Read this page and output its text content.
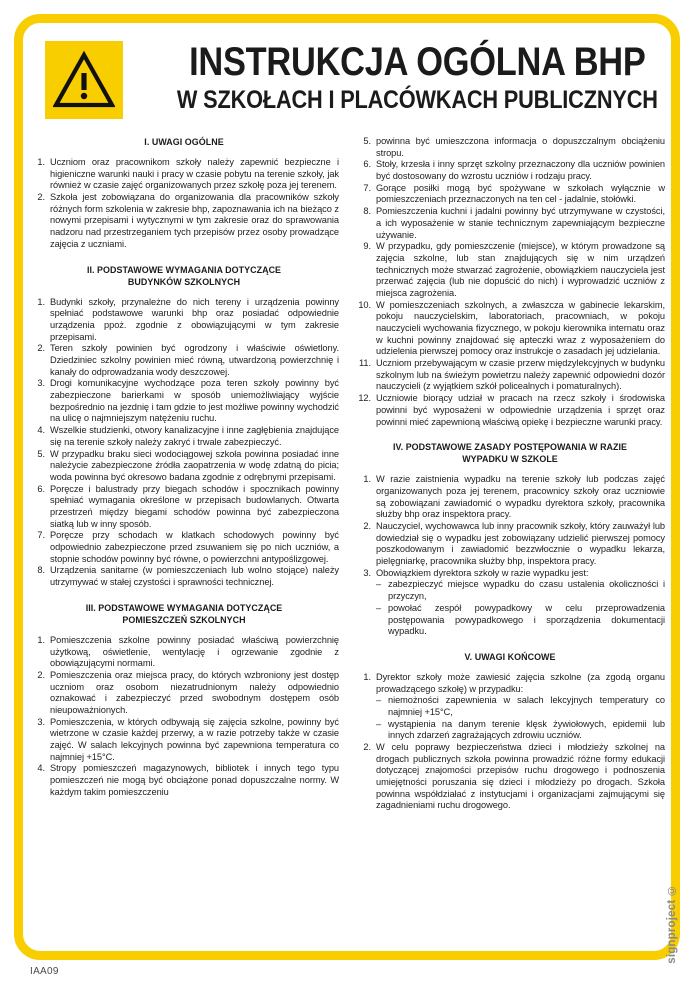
INSTRUKCJA OGÓLNA BHP
W SZKOŁACH I PLACÓWKACH PUBLICZNYCH
I. UWAGI OGÓLNE
Uczniom oraz pracownikom szkoły należy zapewnić bezpieczne i higieniczne warunki nauki i pracy w czasie pobytu na terenie szkoły, jak również w czasie zajęć organizowanych przez szkołę poza jej terenem.
Szkoła jest zobowiązana do organizowania dla pracowników szkoły różnych form szkolenia w zakresie bhp, zapoznawania ich na bieżąco z nowymi przepisami i wytycznymi w tym zakresie oraz do sprawowania nadzoru nad przestrzeganiem tych przepisów przez osoby prowadzące zajęcia z uczniami.
II. PODSTAWOWE WYMAGANIA DOTYCZĄCE
BUDYNKÓW SZKOLNYCH
Budynki szkoły, przynależne do nich tereny i urządzenia powinny spełniać podstawowe warunki bhp oraz posiadać odpowiednie urządzenia ppoż. zgodnie z obowiązującymi w tym zakresie przepisami.
Teren szkoły powinien być ogrodzony i właściwie oświetlony. Dziedziniec szkolny powinien mieć równą, utwardzoną powierzchnię i kanały do odprowadzania wody deszczowej.
Drogi komunikacyjne wychodzące poza teren szkoły powinny być zabezpieczone barierkami w sposób uniemożliwiający wyjście bezpośrednio na jezdnię i tam gdzie to jest możliwe powinny wychodzić na ulicę o najmniejszym natężeniu ruchu.
Wszelkie studzienki, otwory kanalizacyjne i inne zagłębienia znajdujące się na terenie szkoły należy zakryć i trwale zabezpieczyć.
W przypadku braku sieci wodociągowej szkoła powinna posiadać inne należycie zabezpieczone źródła zaopatrzenia w wodę zdatną do picia; woda powinna być okresowo badana zgodnie z odrębnymi przepisami.
Poręcze i balustrady przy biegach schodów i spocznikach powinny spełniać wymagania określone w przepisach budowlanych. Otwarta przestrzeń między biegami schodów powinna być zabezpieczona siatką lub w inny sposób.
Poręcze przy schodach w klatkach schodowych powinny być odpowiednio zabezpieczone przed zsuwaniem się po nich uczniów, a stopnie schodów powinny być równe, o powierzchni antypoślizgowej.
Urządzenia sanitarne (w pomieszczeniach lub wolno stojące) należy utrzymywać w stałej czystości i sprawności technicznej.
III. PODSTAWOWE WYMAGANIA DOTYCZĄCE
POMIESZCZEŃ SZKOLNYCH
Pomieszczenia szkolne powinny posiadać właściwą powierzchnię użytkową, oświetlenie, wentylację i ogrzewanie zgodnie z obowiązującymi normami.
Pomieszczenia oraz miejsca pracy, do których wzbroniony jest dostęp uczniom oraz osobom niezatrudnionym należy odpowiednio oznakować i zabezpieczyć przed swobodnym dostępem osób nieupoważnionych.
Pomieszczenia, w których odbywają się zajęcia szkolne, powinny być wietrzone w czasie każdej przerwy, a w razie potrzeby także w czasie zajęć. W salach lekcyjnych powinna być zapewniona temperatura co najmniej +15°C.
Stropy pomieszczeń magazynowych, bibliotek i innych tego typu pomieszczeń nie mogą być obciążone ponad dopuszczalne normy. W każdym takim pomieszczeniu
powinna być umieszczona informacja o dopuszczalnym obciążeniu stropu.
Stoły, krzesła i inny sprzęt szkolny przeznaczony dla uczniów powinien być dostosowany do wzrostu uczniów i rodzaju pracy.
Gorące posiłki mogą być spożywane w szkołach wyłącznie w pomieszczeniach przeznaczonych na ten cel - jadalnie, stołówki.
Pomieszczenia kuchni i jadalni powinny być utrzymywane w czystości, a ich wyposażenie w stanie technicznym zapewniającym bezpieczne używanie.
W przypadku, gdy pomieszczenie (miejsce), w którym prowadzone są zajęcia szkolne, lub stan znajdujących się w nim urządzeń technicznych może stwarzać zagrożenie, obowiązkiem nauczyciela jest przerwać zajęcia (lub nie dopuścić do nich) i wyprowadzić uczniów z miejsca zagrożenia.
W pomieszczeniach szkolnych, a zwłaszcza w gabinecie lekarskim, pokoju nauczycielskim, laboratoriach, pracowniach, w pokoju nauczycieli wychowania fizycznego, w pokoju kierownika internatu oraz w kuchni powinny znajdować się apteczki wraz z wyposażeniem do udzielenia pierwszej pomocy oraz instrukcje o zasadach jej udzielania.
Uczniom przebywającym w czasie przerw międzylekcyjnych w budynku szkolnym lub na świeżym powietrzu należy zapewnić odpowiedni dozór nauczycieli (z wyjątkiem szkół policealnych i pomaturalnych).
Uczniowie biorący udział w pracach na rzecz szkoły i środowiska powinni być wyposażeni w odpowiednie urządzenia i sprzęt oraz powinni mieć zapewnioną właściwą opiekę i bezpieczne warunki pracy.
IV. PODSTAWOWE ZASADY POSTĘPOWANIA W RAZIE
WYPADKU W SZKOLE
W razie zaistnienia wypadku na terenie szkoły lub podczas zajęć organizowanych poza jej terenem, pracownicy szkoły oraz uczniowie są zobowiązani zawiadomić o wypadku dyrektora szkoły, pracownika służby bhp oraz inspektora pracy.
Nauczyciel, wychowawca lub inny pracownik szkoły, który zauważył lub dowiedział się o wypadku jest zobowiązany udzielić pierwszej pomocy poszkodowanym i zawiadomić bezzwłocznie o wypadku lekarza, pielęgniarkę, pracownika służby bhp, inspektora pracy.
Obowiązkiem dyrektora szkoły w razie wypadku jest:
– zabezpieczyć miejsce wypadku do czasu ustalenia okoliczności i przyczyn,
– powołać zespół powypadkowy w celu przeprowadzenia postępowania powypadkowego i sporządzenia dokumentacji wypadku.
V. UWAGI KOŃCOWE
Dyrektor szkoły może zawiesić zajęcia szkolne (za zgodą organu prowadzącego szkołę) w przypadku:
– niemożności zapewnienia w salach lekcyjnych temperatury co najmniej +15°C,
– wystąpienia na danym terenie klęsk żywiołowych, epidemii lub innych zdarzeń zagrażających zdrowiu uczniów.
W celu poprawy bezpieczeństwa dzieci i młodzieży szkolnej na drogach publicznych szkoła powinna prowadzić różne formy edukacji dotyczącej znajomości przepisów ruchu drogowego i podnoszenia umiejętności poruszania się dzieci i młodzieży po drogach. Szkoła powinna współdziałać z instytucjami i organizacjami zajmującymi się zagadnieniami ruchu drogowego.
signproject ©
IAA09
